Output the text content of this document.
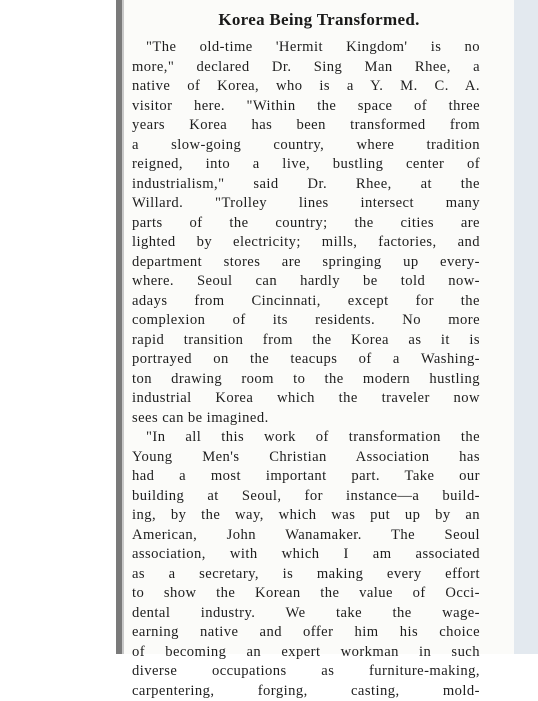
Korea Being Transformed.
"The old-time 'Hermit Kingdom' is no
more," declared Dr. Sing Man Rhee, a
native of Korea, who is a Y. M. C. A.
visitor here. "Within the space of three
years Korea has been transformed from
a slow-going country, where tradition
reigned, into a live, bustling center of
industrialism," said Dr. Rhee, at the
Willard. "Trolley lines intersect many
parts of the country; the cities are
lighted by electricity; mills, factories, and
department stores are springing up every-
where. Seoul can hardly be told now-
adays from Cincinnati, except for the
complexion of its residents. No more
rapid transition from the Korea as it is
portrayed on the teacups of a Washing-
ton drawing room to the modern hustling
industrial Korea which the traveler now
sees can be imagined.
"In all this work of transformation the
Young Men's Christian Association has
had a most important part. Take our
building at Seoul, for instance—a build-
ing, by the way, which was put up by an
American, John Wanamaker. The Seoul
association, with which I am associated
as a secretary, is making every effort
to show the Korean the value of Occi-
dental industry. We take the wage-
earning native and offer him his choice
of becoming an expert workman in such
diverse occupations as furniture-making,
carpentering, forging, casting, mold-
